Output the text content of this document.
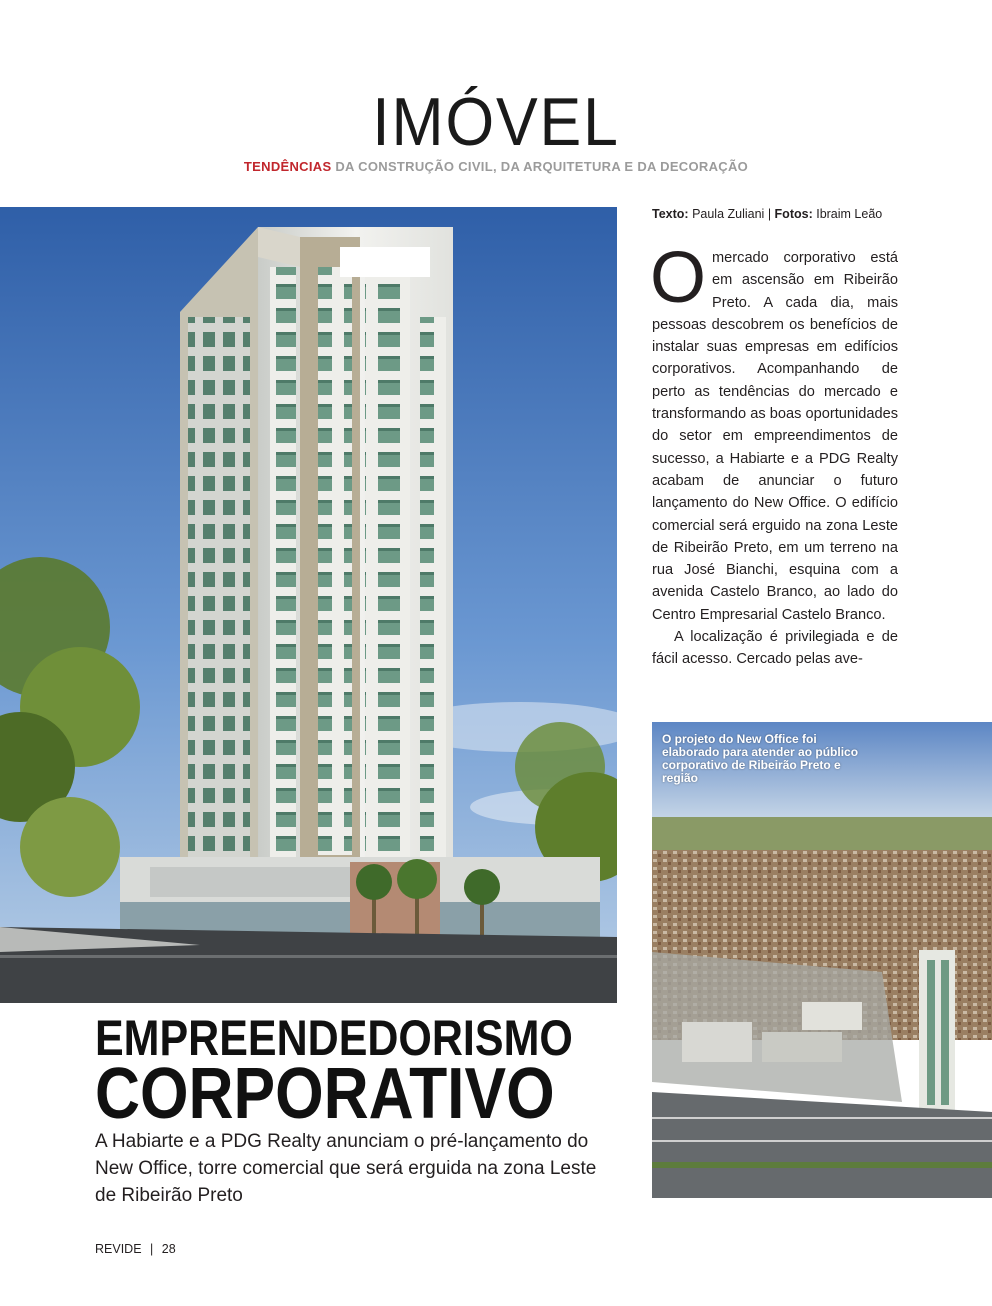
IMÓVEL
TENDÊNCIAS DA CONSTRUÇÃO CIVIL, DA ARQUITETURA E DA DECORAÇÃO
Texto: Paula Zuliani | Fotos: Ibraim Leão

O mercado corporativo está em ascensão em Ribeirão Preto. A cada dia, mais pessoas descobrem os benefícios de instalar suas empresas em edifícios corporativos. Acompanhando de perto as tendências do mercado e transformando as boas oportunidades do setor em empreendimentos de sucesso, a Habiarte e a PDG Realty acabam de anunciar o futuro lançamento do New Office. O edifício comercial será erguido na zona Leste de Ribeirão Preto, em um terreno na rua José Bianchi, esquina com a avenida Castelo Branco, ao lado do Centro Empresarial Castelo Branco.

A localização é privilegiada e de fácil acesso. Cercado pelas ave-

O projeto do New Office foi elaborado para atender ao público corporativo de Ribeirão Preto e região
EMPREENDEDORISMO
CORPORATIVO
A Habiarte e a PDG Realty anunciam o pré-lançamento do New Office, torre comercial que será erguida na zona Leste de Ribeirão Preto
REVIDE | 28
